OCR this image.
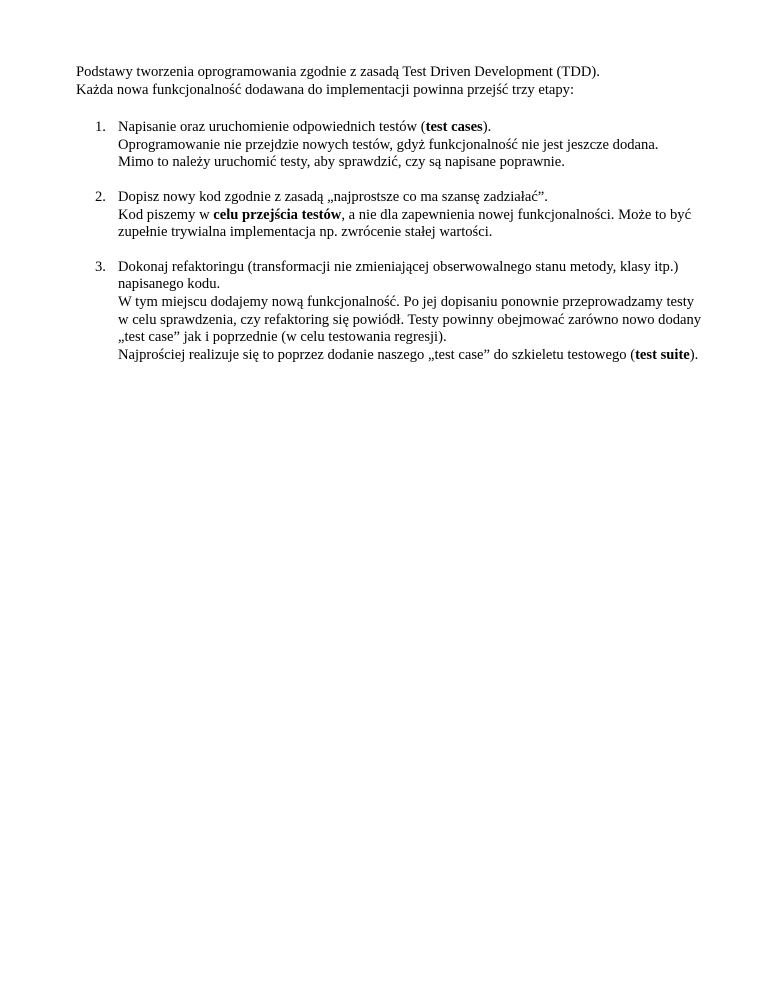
Podstawy tworzenia oprogramowania zgodnie z zasadą Test Driven Development (TDD).

Każda nowa funkcjonalność dodawana do implementacji powinna przejść trzy etapy:

1. Napisanie oraz uruchomienie odpowiednich testów (test cases).

Oprogramowanie nie przejdzie nowych testów, gdyż funkcjonalność nie jest jeszcze dodana.

Mimo to należy uruchomić testy, aby sprawdzić, czy są napisane poprawnie.

2. Dopisz nowy kod zgodnie z zasadą „najprostsze co ma szansę zadziałać”.

Kod piszemy w celu przejścia testów, a nie dla zapewnienia nowej funkcjonalności. Może to być zupełnie trywialna implementacja np. zwrócenie stałej wartości.

3. Dokonaj refaktoringu (transformacji nie zmieniającej obserwowalnego stanu metody, klasy itp.) napisanego kodu.

W tym miejscu dodajemy nową funkcjonalność. Po jej dopisaniu ponownie przeprowadzamy testy w celu sprawdzenia, czy refaktoring się powiódł. Testy powinny obejmować zarówno nowo dodany „test case” jak i poprzednie (w celu testowania regresji).

Najprościej realizuje się to poprzez dodanie naszego „test case” do szkieletu testowego (test suite).
